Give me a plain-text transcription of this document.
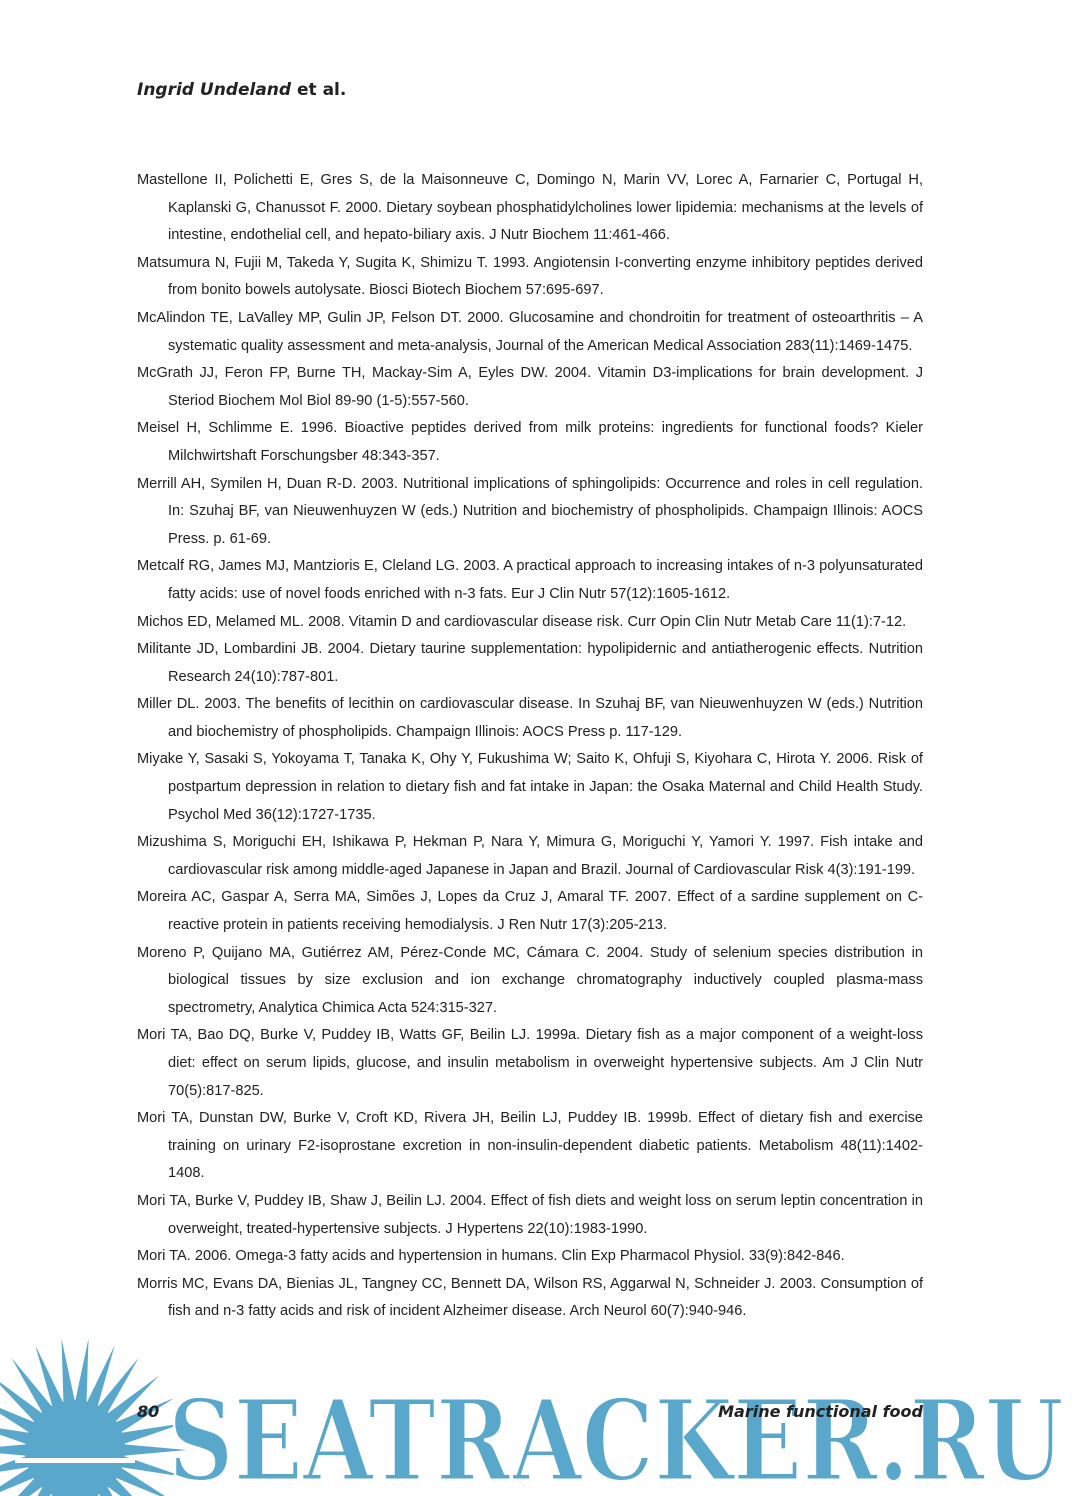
Ingrid Undeland et al.
Mastellone II, Polichetti E, Gres S, de la Maisonneuve C, Domingo N, Marin VV, Lorec A, Farnarier C, Portugal H, Kaplanski G, Chanussot F. 2000. Dietary soybean phosphatidylcholines lower lipidemia: mechanisms at the levels of intestine, endothelial cell, and hepato-biliary axis. J Nutr Biochem 11:461-466.
Matsumura N, Fujii M, Takeda Y, Sugita K, Shimizu T. 1993. Angiotensin I-converting enzyme inhibitory peptides derived from bonito bowels autolysate. Biosci Biotech Biochem 57:695-697.
McAlindon TE, LaValley MP, Gulin JP, Felson DT. 2000. Glucosamine and chondroitin for treatment of osteoarthritis – A systematic quality assessment and meta-analysis, Journal of the American Medical Association 283(11):1469-1475.
McGrath JJ, Feron FP, Burne TH, Mackay-Sim A, Eyles DW. 2004. Vitamin D3-implications for brain development. J Steriod Biochem Mol Biol 89-90 (1-5):557-560.
Meisel H, Schlimme E. 1996. Bioactive peptides derived from milk proteins: ingredients for functional foods? Kieler Milchwirtshaft Forschungsber 48:343-357.
Merrill AH, Symilen H, Duan R-D. 2003. Nutritional implications of sphingolipids: Occurrence and roles in cell regulation. In: Szuhaj BF, van Nieuwenhuyzen W (eds.) Nutrition and biochemistry of phospholipids. Champaign Illinois: AOCS Press. p. 61-69.
Metcalf RG, James MJ, Mantzioris E, Cleland LG. 2003. A practical approach to increasing intakes of n-3 polyunsaturated fatty acids: use of novel foods enriched with n-3 fats. Eur J Clin Nutr 57(12):1605-1612.
Michos ED, Melamed ML. 2008. Vitamin D and cardiovascular disease risk. Curr Opin Clin Nutr Metab Care 11(1):7-12.
Militante JD, Lombardini JB. 2004. Dietary taurine supplementation: hypolipidernic and antiatherogenic effects. Nutrition Research 24(10):787-801.
Miller DL. 2003. The benefits of lecithin on cardiovascular disease. In Szuhaj BF, van Nieuwenhuyzen W (eds.) Nutrition and biochemistry of phospholipids. Champaign Illinois: AOCS Press p. 117-129.
Miyake Y, Sasaki S, Yokoyama T, Tanaka K, Ohy Y, Fukushima W; Saito K, Ohfuji S, Kiyohara C, Hirota Y. 2006. Risk of postpartum depression in relation to dietary fish and fat intake in Japan: the Osaka Maternal and Child Health Study. Psychol Med 36(12):1727-1735.
Mizushima S, Moriguchi EH, Ishikawa P, Hekman P, Nara Y, Mimura G, Moriguchi Y, Yamori Y. 1997. Fish intake and cardiovascular risk among middle-aged Japanese in Japan and Brazil. Journal of Cardiovascular Risk 4(3):191-199.
Moreira AC, Gaspar A, Serra MA, Simões J, Lopes da Cruz J, Amaral TF. 2007. Effect of a sardine supplement on C-reactive protein in patients receiving hemodialysis. J Ren Nutr 17(3):205-213.
Moreno P, Quijano MA, Gutiérrez AM, Pérez-Conde MC, Cámara C. 2004. Study of selenium species distribution in biological tissues by size exclusion and ion exchange chromatography inductively coupled plasma-mass spectrometry, Analytica Chimica Acta 524:315-327.
Mori TA, Bao DQ, Burke V, Puddey IB, Watts GF, Beilin LJ. 1999a. Dietary fish as a major component of a weight-loss diet: effect on serum lipids, glucose, and insulin metabolism in overweight hypertensive subjects. Am J Clin Nutr 70(5):817-825.
Mori TA, Dunstan DW, Burke V, Croft KD, Rivera JH, Beilin LJ, Puddey IB. 1999b. Effect of dietary fish and exercise training on urinary F2-isoprostane excretion in non-insulin-dependent diabetic patients. Metabolism 48(11):1402-1408.
Mori TA, Burke V, Puddey IB, Shaw J, Beilin LJ. 2004. Effect of fish diets and weight loss on serum leptin concentration in overweight, treated-hypertensive subjects. J Hypertens 22(10):1983-1990.
Mori TA. 2006. Omega-3 fatty acids and hypertension in humans. Clin Exp Pharmacol Physiol. 33(9):842-846.
Morris MC, Evans DA, Bienias JL, Tangney CC, Bennett DA, Wilson RS, Aggarwal N, Schneider J. 2003. Consumption of fish and n-3 fatty acids and risk of incident Alzheimer disease. Arch Neurol 60(7):940-946.
SEATRACKER.RU
80	Marine functional food
